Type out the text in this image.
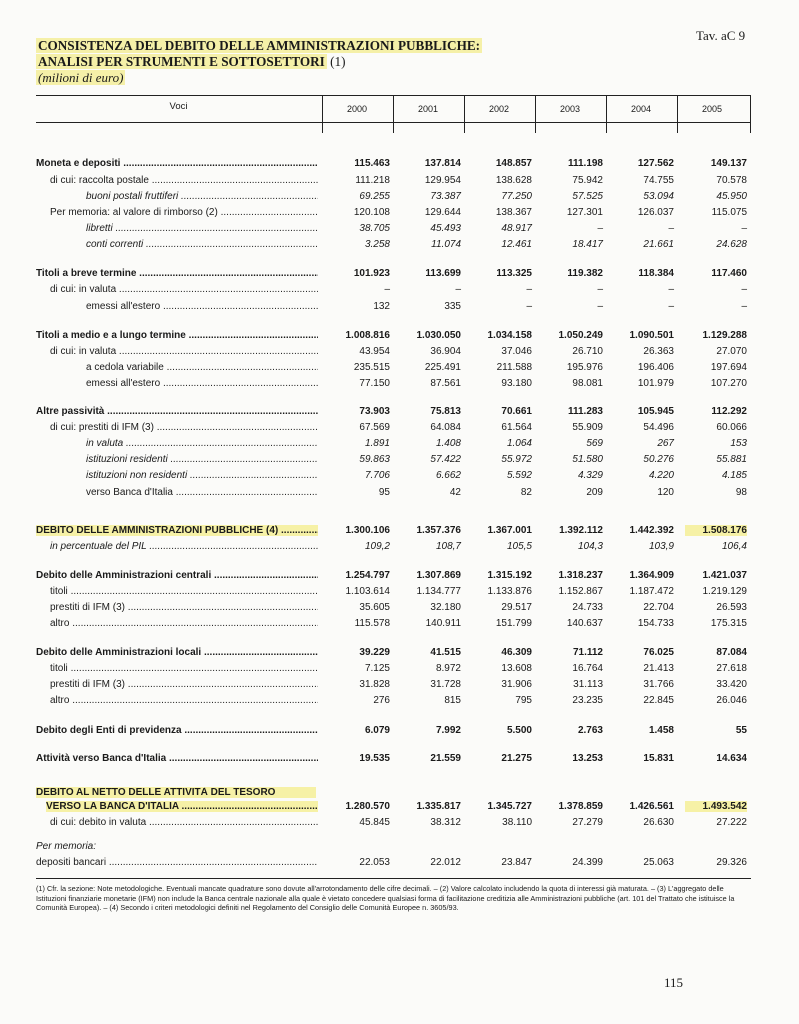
Tav. aC 9
CONSISTENZA DEL DEBITO DELLE AMMINISTRAZIONI PUBBLICHE:
ANALISI PER STRUMENTI E SOTTOSETTORI (1)
(milioni di euro)
Voci	2000	2001	2002	2003	2004	2005
Moneta e depositi .....	115.463	137.814	148.857	111.198	127.562	149.137
di cui: raccolta postale .....	111.218	129.954	138.628	75.942	74.755	70.578
buoni postali fruttiferi .....	69.255	73.387	77.250	57.525	53.094	45.950
Per memoria: al valore di rimborso (2) .....	120.108	129.644	138.367	127.301	126.037	115.075
libretti .....	38.705	45.493	48.917	–	–	–
conti correnti .....	3.258	11.074	12.461	18.417	21.661	24.628
Titoli a breve termine .....	101.923	113.699	113.325	119.382	118.384	117.460
di cui: in valuta .....	–	–	–	–	–	–
emessi all'estero .....	132	335	–	–	–	–
Titoli a medio e a lungo termine .....	1.008.816	1.030.050	1.034.158	1.050.249	1.090.501	1.129.288
di cui: in valuta .....	43.954	36.904	37.046	26.710	26.363	27.070
a cedola variabile .....	235.515	225.491	211.588	195.976	196.406	197.694
emessi all'estero .....	77.150	87.561	93.180	98.081	101.979	107.270
Altre passività .....	73.903	75.813	70.661	111.283	105.945	112.292
di cui: prestiti di IFM (3) .....	67.569	64.084	61.564	55.909	54.496	60.066
in valuta .....	1.891	1.408	1.064	569	267	153
istituzioni residenti .....	59.863	57.422	55.972	51.580	50.276	55.881
istituzioni non residenti .....	7.706	6.662	5.592	4.329	4.220	4.185
verso Banca d'Italia .....	95	42	82	209	120	98
DEBITO DELLE AMMINISTRAZIONI PUBBLICHE (4) .....	1.300.106	1.357.376	1.367.001	1.392.112	1.442.392	1.508.176
in percentuale del PIL .....	109,2	108,7	105,5	104,3	103,9	106,4
Debito delle Amministrazioni centrali .....	1.254.797	1.307.869	1.315.192	1.318.237	1.364.909	1.421.037
titoli .....	1.103.614	1.134.777	1.133.876	1.152.867	1.187.472	1.219.129
prestiti di IFM (3) .....	35.605	32.180	29.517	24.733	22.704	26.593
altro .....	115.578	140.911	151.799	140.637	154.733	175.315
Debito delle Amministrazioni locali .....	39.229	41.515	46.309	71.112	76.025	87.084
titoli .....	7.125	8.972	13.608	16.764	21.413	27.618
prestiti di IFM (3) .....	31.828	31.728	31.906	31.113	31.766	33.420
altro .....	276	815	795	23.235	22.845	26.046
Debito degli Enti di previdenza .....	6.079	7.992	5.500	2.763	1.458	55
Attività verso Banca d'Italia .....	19.535	21.559	21.275	13.253	15.831	14.634
DEBITO AL NETTO DELLE ATTIVITÀ DEL TESORO
VERSO LA BANCA D'ITALIA .....	1.280.570	1.335.817	1.345.727	1.378.859	1.426.561	1.493.542
di cui: debito in valuta .....	45.845	38.312	38.110	27.279	26.630	27.222
Per memoria:
depositi bancari .....	22.053	22.012	23.847	24.399	25.063	29.326
(1) Cfr. la sezione: Note metodologiche. Eventuali mancate quadrature sono dovute all'arrotondamento delle cifre decimali. – (2) Valore calcolato includendo la quota di interessi già maturata. – (3) L'aggregato delle Istituzioni finanziarie monetarie (IFM) non include la Banca centrale nazionale alla quale è vietato concedere qualsiasi forma di facilitazione creditizia alle Amministrazioni pubbliche (art. 101 del Trattato che istituisce la Comunità Europea). – (4) Secondo i criteri metodologici definiti nel Regolamento del Consiglio delle Comunità Europee n. 3605/93.
115
